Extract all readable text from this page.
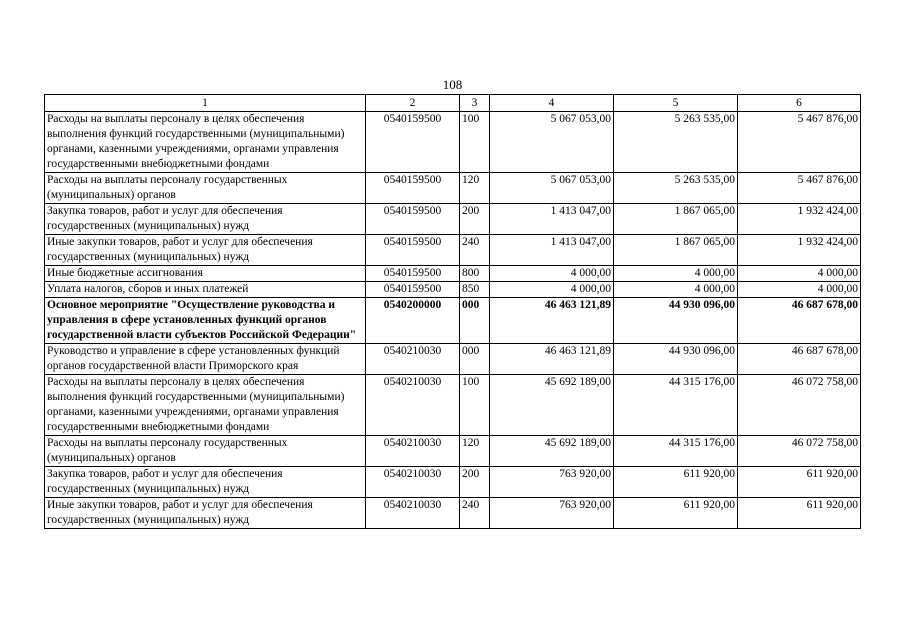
108
1	2	3	4	5	6
Расходы на выплаты персоналу в целях обеспечения выполнения функций государственными (муниципальными) органами, казенными учреждениями, органами управления государственными внебюджетными фондами	0540159500	100	5 067 053,00	5 263 535,00	5 467 876,00
Расходы на выплаты персоналу государственных (муниципальных) органов	0540159500	120	5 067 053,00	5 263 535,00	5 467 876,00
Закупка товаров, работ и услуг для обеспечения государственных (муниципальных) нужд	0540159500	200	1 413 047,00	1 867 065,00	1 932 424,00
Иные закупки товаров, работ и услуг для обеспечения государственных (муниципальных) нужд	0540159500	240	1 413 047,00	1 867 065,00	1 932 424,00
Иные бюджетные ассигнования	0540159500	800	4 000,00	4 000,00	4 000,00
Уплата налогов, сборов и иных платежей	0540159500	850	4 000,00	4 000,00	4 000,00
Основное мероприятие "Осуществление руководства и управления в сфере установленных функций органов государственной власти субъектов Российской Федерации"	0540200000	000	46 463 121,89	44 930 096,00	46 687 678,00
Руководство и управление в сфере установленных функций органов государственной власти Приморского края	0540210030	000	46 463 121,89	44 930 096,00	46 687 678,00
Расходы на выплаты персоналу в целях обеспечения выполнения функций государственными (муниципальными) органами, казенными учреждениями, органами управления государственными внебюджетными фондами	0540210030	100	45 692 189,00	44 315 176,00	46 072 758,00
Расходы на выплаты персоналу государственных (муниципальных) органов	0540210030	120	45 692 189,00	44 315 176,00	46 072 758,00
Закупка товаров, работ и услуг для обеспечения государственных (муниципальных) нужд	0540210030	200	763 920,00	611 920,00	611 920,00
Иные закупки товаров, работ и услуг для обеспечения государственных (муниципальных) нужд	0540210030	240	763 920,00	611 920,00	611 920,00
